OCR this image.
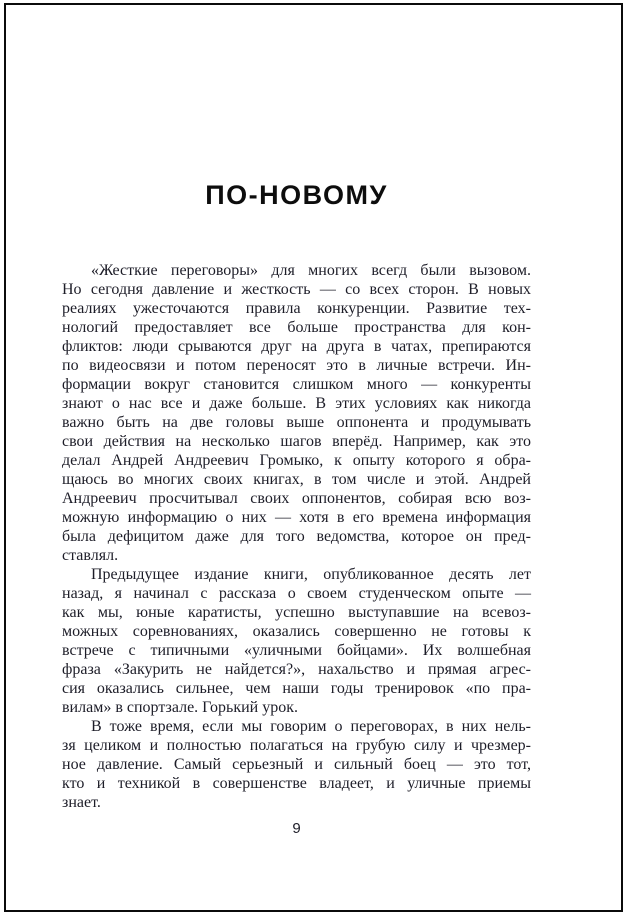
ПО-НОВОМУ
«Жесткие переговоры» для многих всегд были вызовом.
Но сегодня давление и жесткость — со всех сторон. В новых
реалиях ужесточаются правила конкуренции. Развитие тех-
нологий предоставляет все больше пространства для кон-
фликтов: люди срываются друг на друга в чатах, препираются
по видеосвязи и потом переносят это в личные встречи. Ин-
формации вокруг становится слишком много — конкуренты
знают о нас все и даже больше. В этих условиях как никогда
важно быть на две головы выше оппонента и продумывать
свои действия на несколько шагов вперёд. Например, как это
делал Андрей Андреевич Громыко, к опыту которого я обра-
щаюсь во многих своих книгах, в том числе и этой. Андрей
Андреевич просчитывал своих оппонентов, собирая всю воз-
можную информацию о них — хотя в его времена информация
была дефицитом даже для того ведомства, которое он пред-
ставлял.
Предыдущее издание книги, опубликованное десять лет
назад, я начинал с рассказа о своем студенческом опыте —
как мы, юные каратисты, успешно выступавшие на всевоз-
можных соревнованиях, оказались совершенно не готовы к
встрече с типичными «уличными бойцами». Их волшебная
фраза «Закурить не найдется?», нахальство и прямая агрес-
сия оказались сильнее, чем наши годы тренировок «по пра-
вилам» в спортзале. Горький урок.
В тоже время, если мы говорим о переговорах, в них нель-
зя целиком и полностью полагаться на грубую силу и чрезмер-
ное давление. Самый серьезный и сильный боец — это тот,
кто и техникой в совершенстве владеет, и уличные приемы
знает.
9
